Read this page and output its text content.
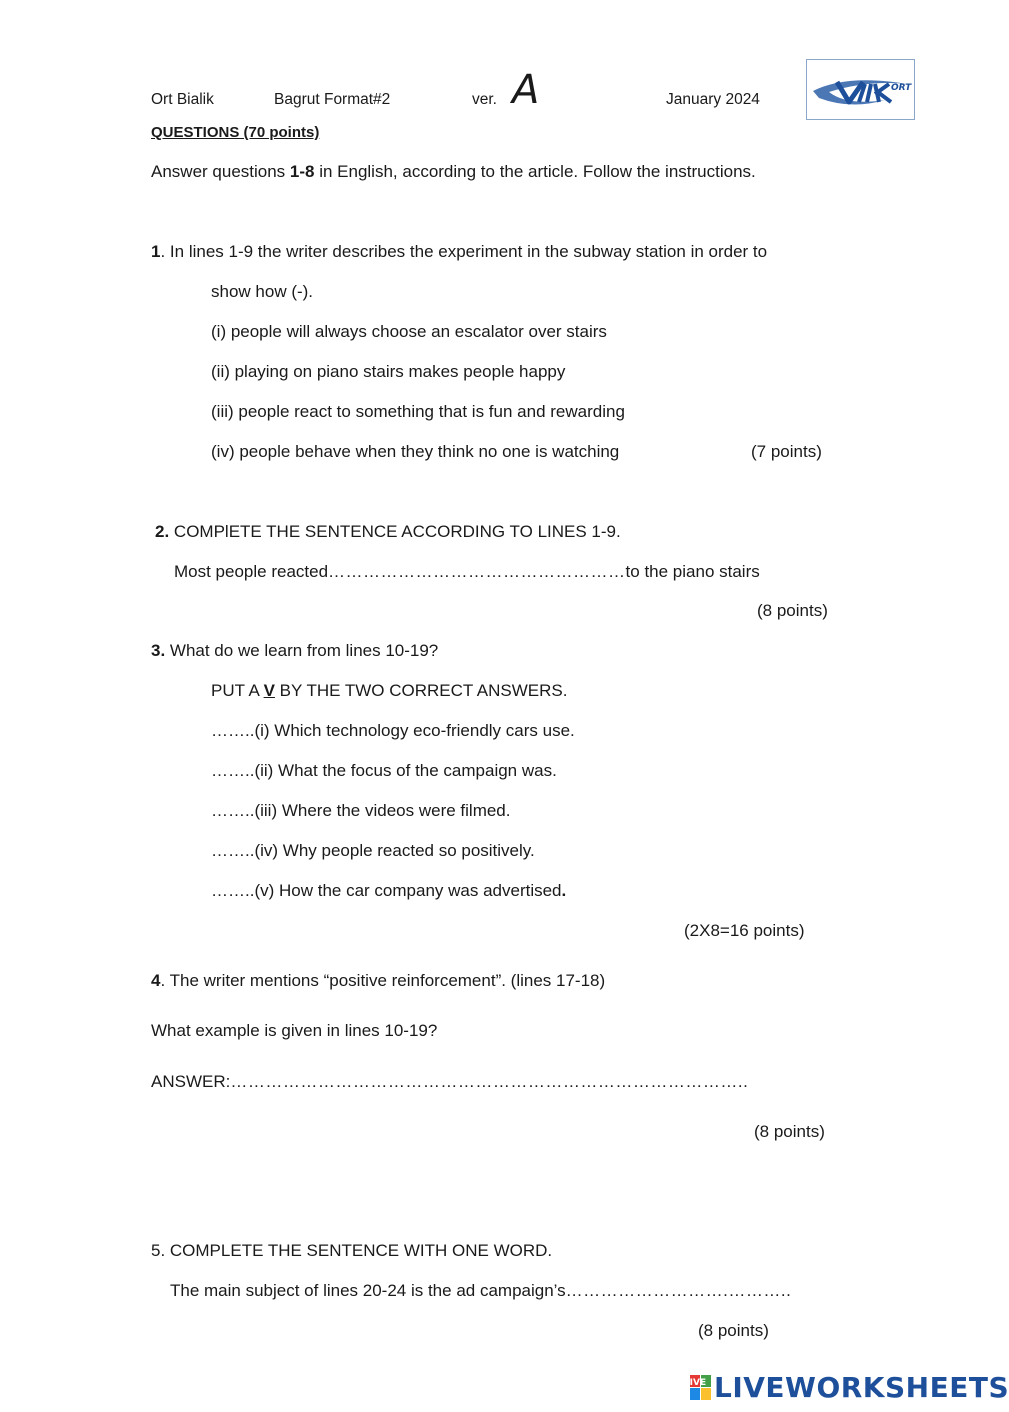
Ort Bialik	Bagrut Format#2	ver. A	January 2024
ORT
QUESTIONS (70 points)
Answer questions 1-8 in English, according to the article. Follow the instructions.
1. In lines 1-9 the writer describes the experiment in the subway station in order to
show how (-).
(i) people will always choose an escalator over stairs
(ii) playing on piano stairs makes people happy
(iii) people react to something that is fun and rewarding
(iv) people behave when they think no one is watching	(7 points)
2. COMPlETE THE SENTENCE ACCORDING TO LINES 1-9.
Most people reacted……………………………………………to the piano stairs
(8 points)
3. What do we learn from lines 10-19?
PUT A V BY THE TWO CORRECT ANSWERS.
……..(i) Which technology eco-friendly cars use.
……..(ii) What the focus of the campaign was.
……..(iii) Where the videos were filmed.
……..(iv) Why people reacted so positively.
……..(v) How the car company was advertised.
(2X8=16 points)
4. The writer mentions “positive reinforcement”. (lines 17-18)
What example is given in lines 10-19?
ANSWER:……………………………………………………………………………..
(8 points)
5. COMPLETE THE SENTENCE WITH ONE WORD.
The main subject of lines 20-24 is the ad campaign’s……………………….………..
(8 points)
LIVE LIVEWORKSHEETS
